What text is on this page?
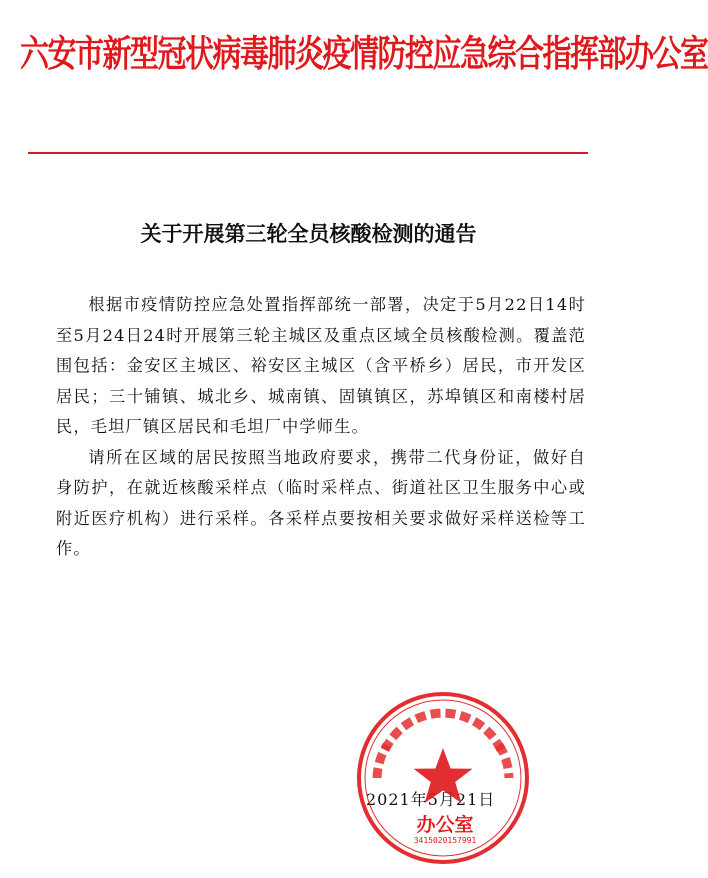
六安市新型冠状病毒肺炎疫情防控应急综合指挥部办公室
关于开展第三轮全员核酸检测的通告

根据市疫情防控应急处置指挥部统一部署，决定于5月22日14时至5月24日24时开展第三轮主城区及重点区域全员核酸检测。覆盖范围包括：金安区主城区、裕安区主城区（含平桥乡）居民，市开发区居民；三十铺镇、城北乡、城南镇、固镇镇区，苏埠镇区和南楼村居民，毛坦厂镇区居民和毛坦厂中学师生。

请所在区域的居民按照当地政府要求，携带二代身份证，做好自身防护，在就近核酸采样点（临时采样点、街道社区卫生服务中心或附近医疗机构）进行采样。各采样点要按相关要求做好采样送检等工作。

2021年5月21日
办公室
3415020157991
